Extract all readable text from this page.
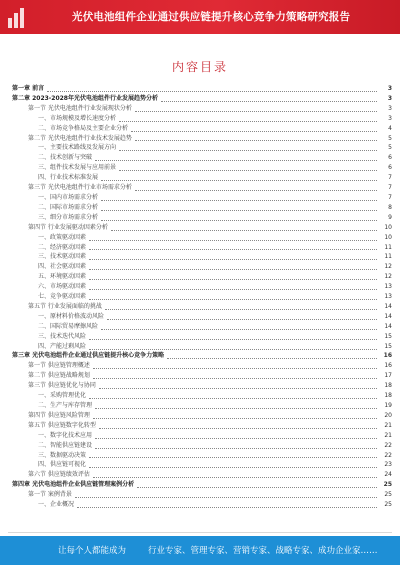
光伏电池组件企业通过供应链提升核心竞争力策略研究报告
内容目录
第一章 前言	3
第二章 2023-2028年光伏电池组件行业发展趋势分析	3
第一节 光伏电池组件行业发展现状分析	3
一、市场规模及增长速度分析	3
二、市场竞争格局及主要企业分析	4
第二节 光伏电池组件行业技术发展趋势	5
一、主要技术路线及发展方向	5
二、技术创新与突破	6
三、组件技术发展与应用前景	6
四、行业技术标准发展	7
第三节 光伏电池组件行业市场需求分析	7
一、国内市场需求分析	7
二、国际市场需求分析	8
三、细分市场需求分析	9
第四节 行业发展驱动因素分析	10
一、政策驱动因素	10
二、经济驱动因素	11
三、技术驱动因素	11
四、社会驱动因素	12
五、环境驱动因素	12
六、市场驱动因素	13
七、竞争驱动因素	13
第五节 行业发展面临的挑战	14
一、原材料价格波动风险	14
二、国际贸易摩擦风险	14
三、技术迭代风险	15
四、产能过剩风险	15
第三章 光伏电池组件企业通过供应链提升核心竞争力策略	16
第一节 供应链管理概述	16
第二节 供应链战略规划	17
第三节 供应链优化与协同	18
一、采购管理优化	18
二、生产与库存管理	19
第四节 供应链风险管理	20
第五节 供应链数字化转型	21
一、数字化技术应用	21
二、智能供应链建设	22
三、数据驱动决策	22
四、供应链可视化	23
第六节 供应链绩效评估	24
第四章 光伏电池组件企业供应链管理案例分析	25
第一节 案例背景	25
一、企业概况	25
让每个人都能成为	行业专家、管理专家、营销专家、战略专家、成功企业家……
